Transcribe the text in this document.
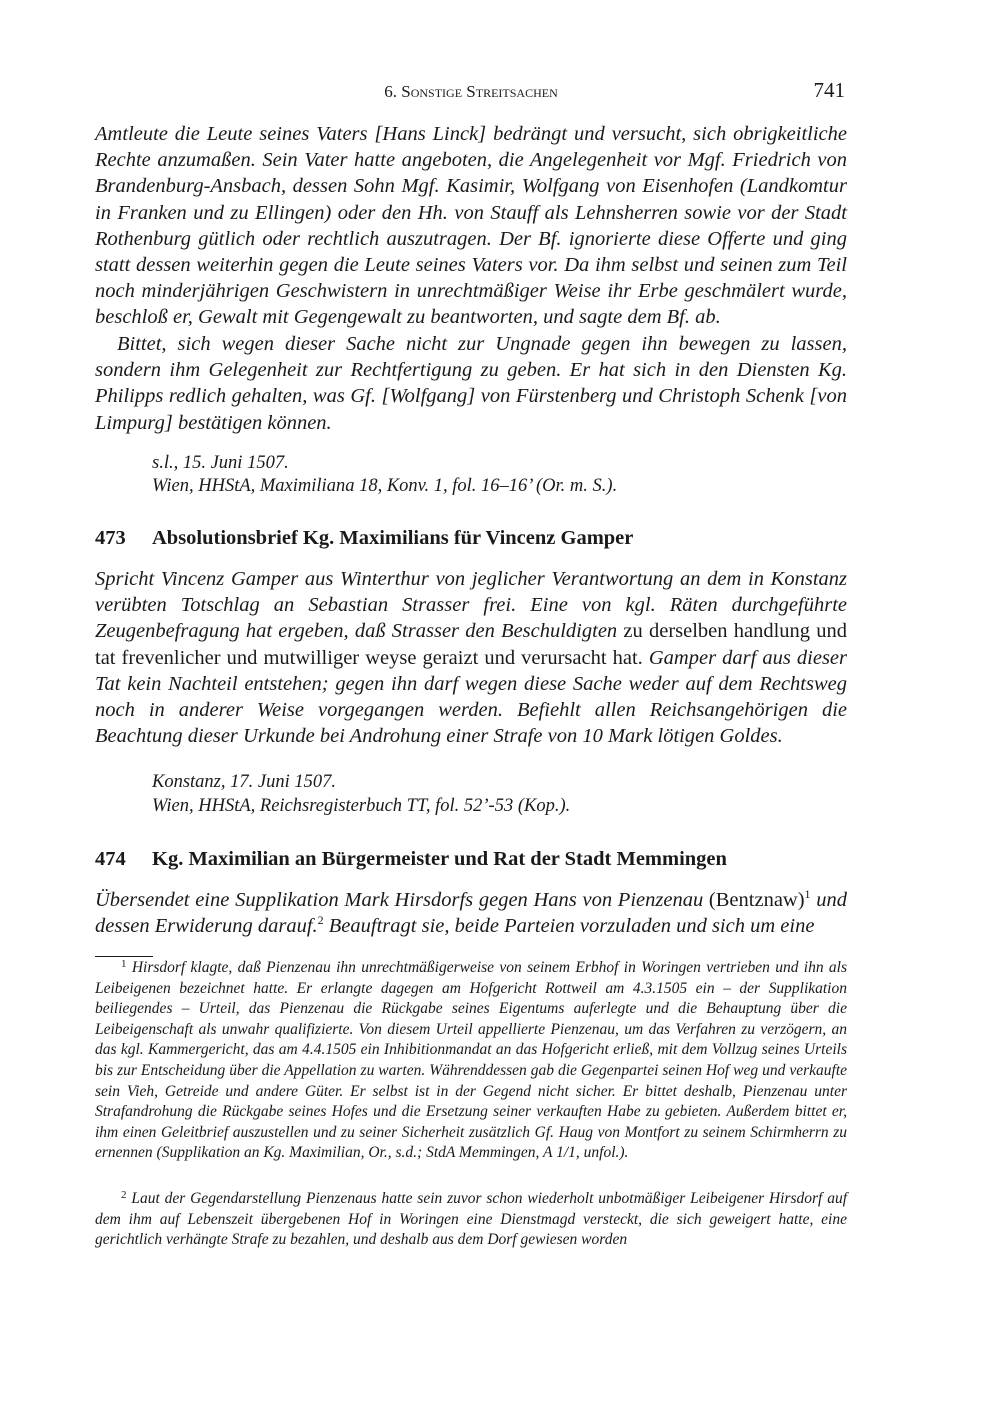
6. Sonstige Streitsachen	741

Amtleute die Leute seines Vaters [Hans Linck] bedrängt und versucht, sich obrigkeitliche Rechte anzumaßen. Sein Vater hatte angeboten, die Angelegenheit vor Mgf. Friedrich von Brandenburg-Ansbach, dessen Sohn Mgf. Kasimir, Wolfgang von Eisenhofen (Landkomtur in Franken und zu Ellingen) oder den Hh. von Stauff als Lehnsherren sowie vor der Stadt Rothenburg gütlich oder rechtlich auszutragen. Der Bf. ignorierte diese Offerte und ging statt dessen weiterhin gegen die Leute seines Vaters vor. Da ihm selbst und seinen zum Teil noch minderjährigen Geschwistern in unrechtmäßiger Weise ihr Erbe geschmälert wurde, beschloß er, Gewalt mit Gegengewalt zu beantworten, und sagte dem Bf. ab.

Bittet, sich wegen dieser Sache nicht zur Ungnade gegen ihn bewegen zu lassen, sondern ihm Gelegenheit zur Rechtfertigung zu geben. Er hat sich in den Diensten Kg. Philipps redlich gehalten, was Gf. [Wolfgang] von Fürstenberg und Christoph Schenk [von Limpurg] bestätigen können.

s.l., 15. Juni 1507.

Wien, HHStA, Maximiliana 18, Konv. 1, fol. 16–16’ (Or. m. S.).

473 Absolutionsbrief Kg. Maximilians für Vincenz Gamper

Spricht Vincenz Gamper aus Winterthur von jeglicher Verantwortung an dem in Konstanz verübten Totschlag an Sebastian Strasser frei. Eine von kgl. Räten durchgeführte Zeugenbefragung hat ergeben, daß Strasser den Beschuldigten zu derselben handlung und tat frevenlicher und mutwilliger weyse geraizt und verursacht hat. Gamper darf aus dieser Tat kein Nachteil entstehen; gegen ihn darf wegen diese Sache weder auf dem Rechtsweg noch in anderer Weise vorgegangen werden. Befiehlt allen Reichsangehörigen die Beachtung dieser Urkunde bei Androhung einer Strafe von 10 Mark lötigen Goldes.

Konstanz, 17. Juni 1507.

Wien, HHStA, Reichsregisterbuch TT, fol. 52’-53 (Kop.).

474 Kg. Maximilian an Bürgermeister und Rat der Stadt Memmingen

Übersendet eine Supplikation Mark Hirsdorfs gegen Hans von Pienzenau (Bentznaw)$^1$ und dessen Erwiderung darauf.$^2$ Beauftragt sie, beide Parteien vorzuladen und sich um eine

$^1$ Hirsdorf klagte, daß Pienzenau ihn unrechtmäßigerweise von seinem Erbhof in Woringen vertrieben und ihn als Leibeigenen bezeichnet hatte. Er erlangte dagegen am Hofgericht Rottweil am 4.3.1505 ein – der Supplikation beiliegendes – Urteil, das Pienzenau die Rückgabe seines Eigentums auferlegte und die Behauptung über die Leibeigenschaft als unwahr qualifizierte. Von diesem Urteil appellierte Pienzenau, um das Verfahren zu verzögern, an das kgl. Kammergericht, das am 4.4.1505 ein Inhibitionmandat an das Hofgericht erließ, mit dem Vollzug seines Urteils bis zur Entscheidung über die Appellation zu warten. Währenddessen gab die Gegenpartei seinen Hof weg und verkaufte sein Vieh, Getreide und andere Güter. Er selbst ist in der Gegend nicht sicher. Er bittet deshalb, Pienzenau unter Strafandrohung die Rückgabe seines Hofes und die Ersetzung seiner verkauften Habe zu gebieten. Außerdem bittet er, ihm einen Geleitbrief auszustellen und zu seiner Sicherheit zusätzlich Gf. Haug von Montfort zu seinem Schirmherrn zu ernennen (Supplikation an Kg. Maximilian, Or., s.d.; StdA Memmingen, A 1/1, unfol.).

$^2$ Laut der Gegendarstellung Pienzenaus hatte sein zuvor schon wiederholt unbotmäßiger Leibeigener Hirsdorf auf dem ihm auf Lebenszeit übergebenen Hof in Woringen eine Dienstmagd versteckt, die sich geweigert hatte, eine gerichtlich verhängte Strafe zu bezahlen, und deshalb aus dem Dorf gewiesen worden
